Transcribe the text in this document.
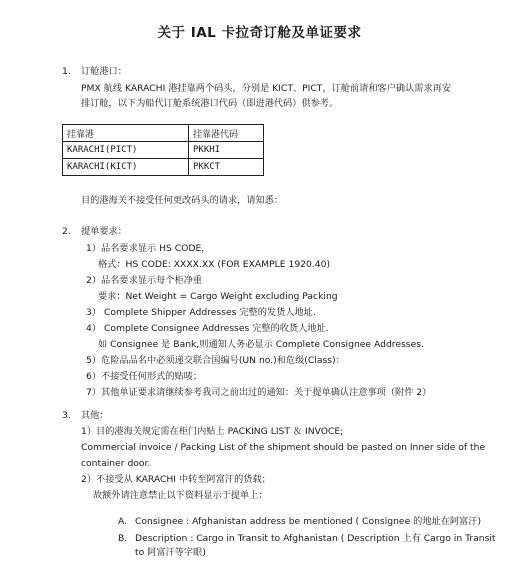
关于 IAL 卡拉奇订舱及单证要求
1. 订舱港口：
PMX 航线 KARACHI 港挂靠两个码头，分别是 KICT、PICT，订舱前请和客户确认需求再安
排订舱，以下为船代订舱系统港口代码（即进港代码）供参考。
挂靠港	挂靠港代码
KARACHI(PICT)	PKKHI
KARACHI(KICT)	PKKCT
目的港海关不接受任何更改码头的请求，请知悉：
2. 提单要求：
1）品名要求显示 HS CODE，
格式：HS CODE: XXXX.XX (FOR EXAMPLE 1920.40)
2）品名要求显示每个柜净重
要求：Net Weight = Cargo Weight excluding Packing
3） Complete Shipper Addresses 完整的发货人地址.
4） Complete Consignee Addresses 完整的收货人地址.
如 Consignee 是 Bank,则通知人务必显示 Complete Consignee Addresses.
5）危险品品名中必须递交联合国编号(UN no.)和危级(Class)：
6）不接受任何形式的贴唛；
7）其他单证要求请继续参考我司之前出过的通知：关于提单确认注意事项（附件 2）
3. 其他：
1）目的港海关规定需在柜门内贴上 PACKING LIST ＆ INVOCE;
Commercial invoice / Packing List of the shipment should be pasted on Inner side of the
container door.
2）不接受从 KARACHI 中转至阿富汗的货载；
故额外请注意禁止以下资料显示于提单上：
A. Consignee : Afghanistan address be mentioned ( Consignee 的地址在阿富汗)
B. Description : Cargo in Transit to Afghanistan ( Description 上有 Cargo in Transit
to 阿富汗等字眼)
